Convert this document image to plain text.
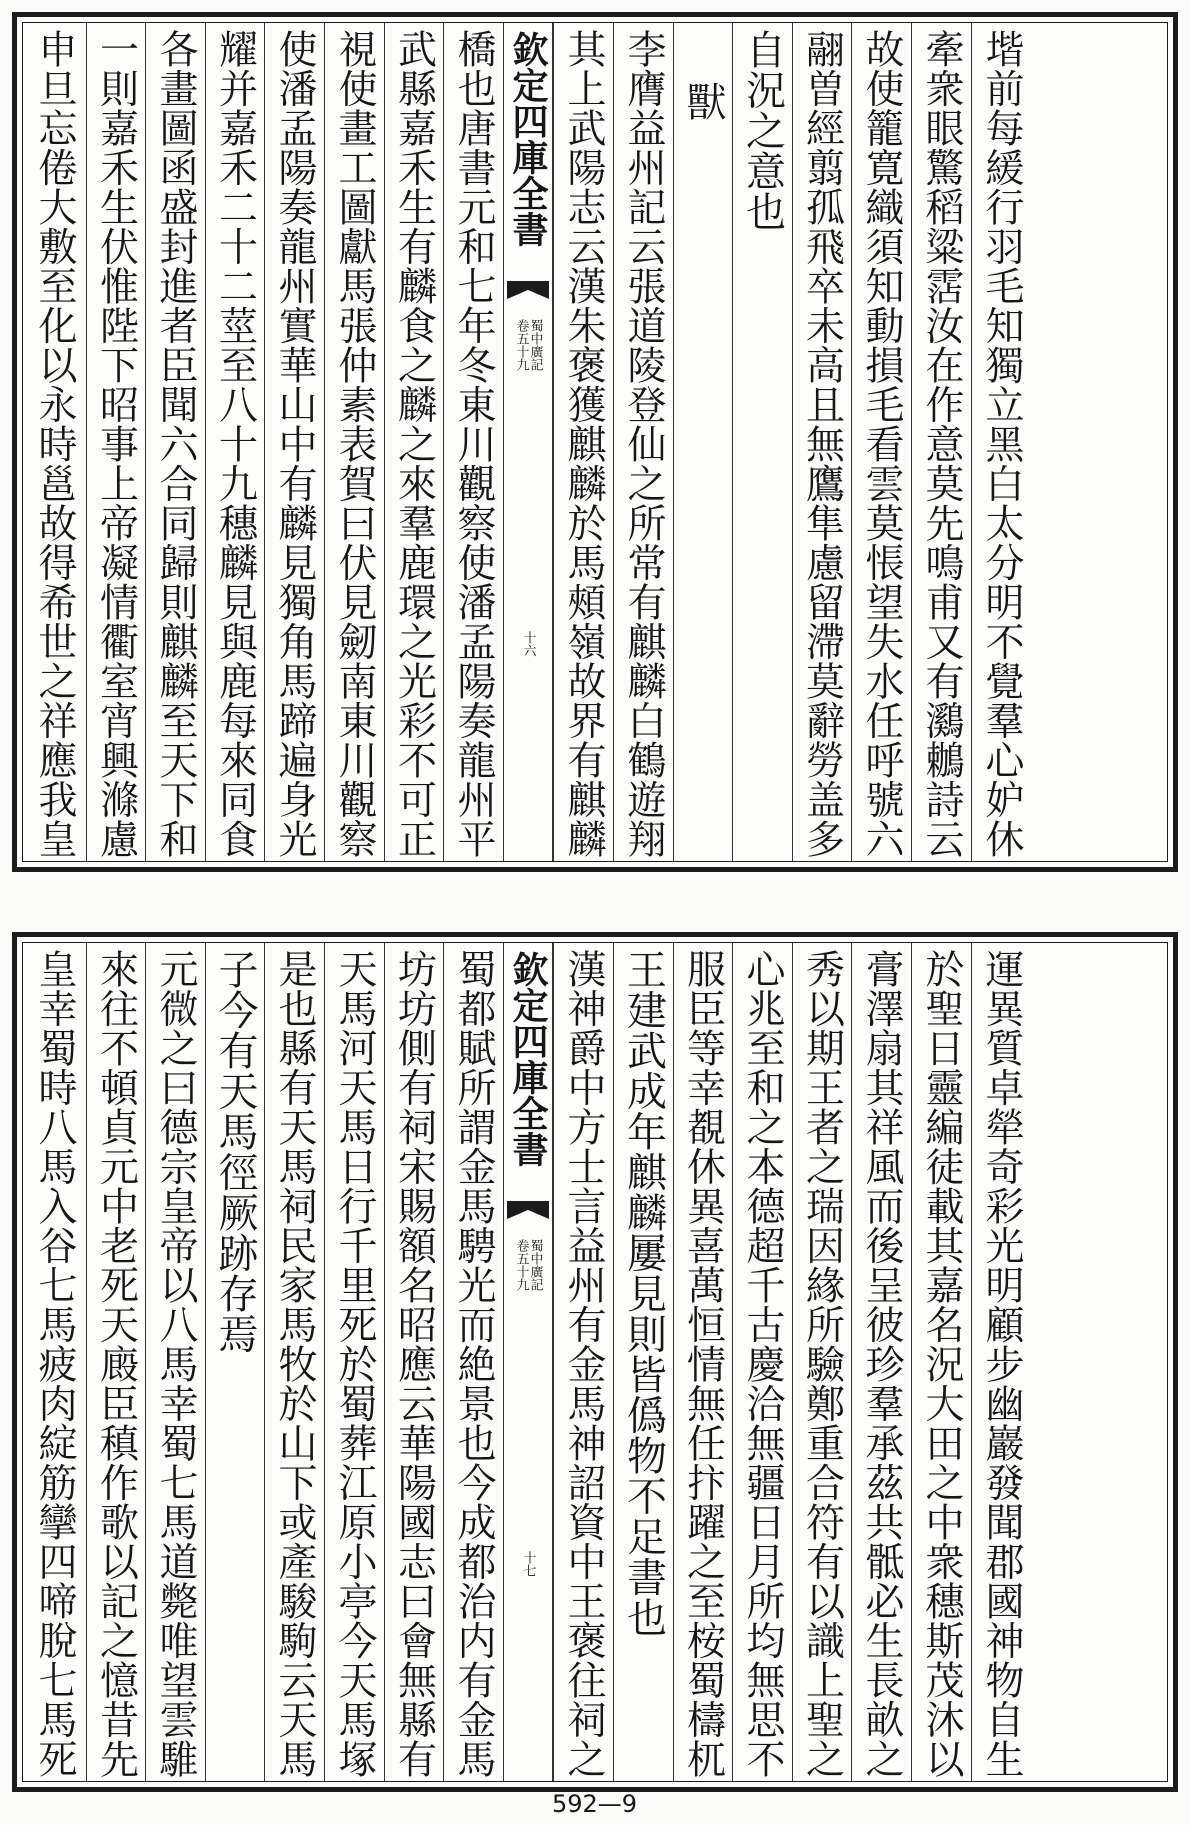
申旦忘倦大敷至化以永時邕故得希世之祥應我皇 一則嘉禾生伏惟陛下昭事上帝凝情衢室宵興滌慮 各畫圖函盛封進者臣聞六合同歸則麒麟至天下和 耀并嘉禾二十二莖至八十九穗麟見與鹿每來同食 使潘孟陽奏龍州實華山中有麟見獨角馬蹄遍身光 視使畫工圖獻馬張仲素表賀曰伏見劒南東川觀察 武縣嘉禾生有麟食之麟之來羣鹿環之光彩不可正 橋也唐書元和七年冬東川觀察使潘孟陽奏龍州平 欽定四庫全書
蜀中廣記
卷五十九
十六 其上武陽志云漢朱褒獲麒麟於馬頰嶺故界有麒麟 李膺益州記云張道陵登仙之所常有麒麟白鶴遊翔 獸 自況之意也 翮曽經翦孤飛卒未高且無鷹隼慮留滯莫辭勞盖多 故使籠寛織須知動損毛看雲莫悵望失水任呼號六 牽衆眼驚稻粱霑汝在作意莫先鳴甫又有鸂鶒詩云 堦前每緩行羽毛知獨立黑白太分明不覺羣心妒休
皇幸蜀時八馬入谷七馬疲肉綻筋攣四啼脫七馬死 來往不頓貞元中老死天廄臣稹作歌以記之憶昔先 元微之曰德宗皇帝以八馬幸蜀七馬道斃唯望雲騅 子今有天馬徑厥跡存焉 是也縣有天馬祠民家馬牧於山下或產駿駒云天馬 天馬河天馬日行千里死於蜀葬江原小亭今天馬塚 坊坊側有祠宋賜額名昭應云華陽國志曰會無縣有 蜀都賦所謂金馬騁光而絶景也今成都治内有金馬 欽定四庫全書
蜀中廣記
卷五十九
十七 漢神爵中方士言益州有金馬神詔資中王褒往祠之 王建武成年麒麟屢見則皆僞物不足書也 服臣等幸覩休異喜萬恒情無任抃躍之至桉蜀檮杌 心兆至和之本德超千古慶洽無疆日月所均無思不 秀以期王者之瑞因緣所驗鄭重合符有以識上聖之 膏澤扇其祥風而後呈彼珍羣承茲共骶必生長畝之 於聖日靈編徒載其嘉名況大田之中衆穗斯茂沐以 運異質卓犖奇彩光明顧步幽巖發聞郡國神物自生
592—9
